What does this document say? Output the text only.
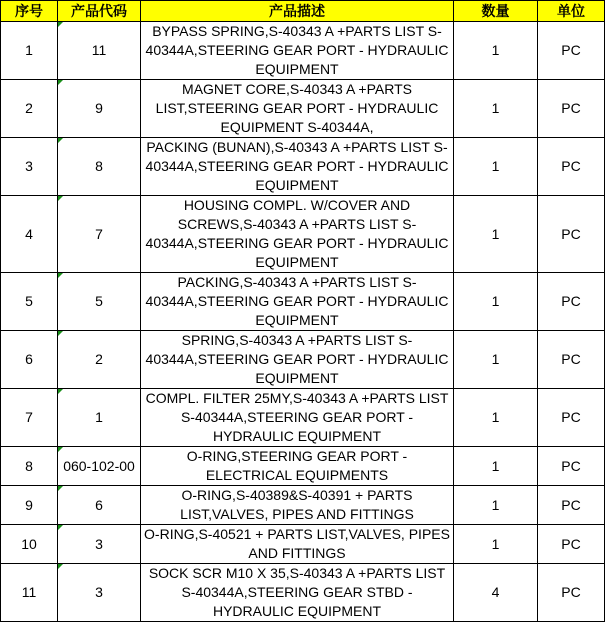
序号	产品代码	产品描述	数量	单位
1	11	BYPASS SPRING,S-40343 A +PARTS LIST S-40344A,STEERING GEAR PORT - HYDRAULIC EQUIPMENT	1	PC
2	9	MAGNET CORE,S-40343 A +PARTS LIST,STEERING GEAR PORT - HYDRAULIC EQUIPMENT S-40344A,	1	PC
3	8	PACKING (BUNAN),S-40343 A +PARTS LIST S-40344A,STEERING GEAR PORT - HYDRAULIC EQUIPMENT	1	PC
4	7	HOUSING COMPL. W/COVER AND SCREWS,S-40343 A +PARTS LIST S-40344A,STEERING GEAR PORT - HYDRAULIC EQUIPMENT	1	PC
5	5	PACKING,S-40343 A +PARTS LIST S-40344A,STEERING GEAR PORT - HYDRAULIC EQUIPMENT	1	PC
6	2	SPRING,S-40343 A +PARTS LIST S-40344A,STEERING GEAR PORT - HYDRAULIC EQUIPMENT	1	PC
7	1	COMPL. FILTER 25MY,S-40343 A +PARTS LIST S-40344A,STEERING GEAR PORT - HYDRAULIC EQUIPMENT	1	PC
8	060-102-00	O-RING,STEERING GEAR PORT - ELECTRICAL EQUIPMENTS	1	PC
9	6	O-RING,S-40389&S-40391 + PARTS LIST,VALVES, PIPES AND FITTINGS	1	PC
10	3	O-RING,S-40521 + PARTS LIST,VALVES, PIPES AND FITTINGS	1	PC
11	3	SOCK SCR M10 X 35,S-40343 A +PARTS LIST S-40344A,STEERING GEAR STBD - HYDRAULIC EQUIPMENT	4	PC
